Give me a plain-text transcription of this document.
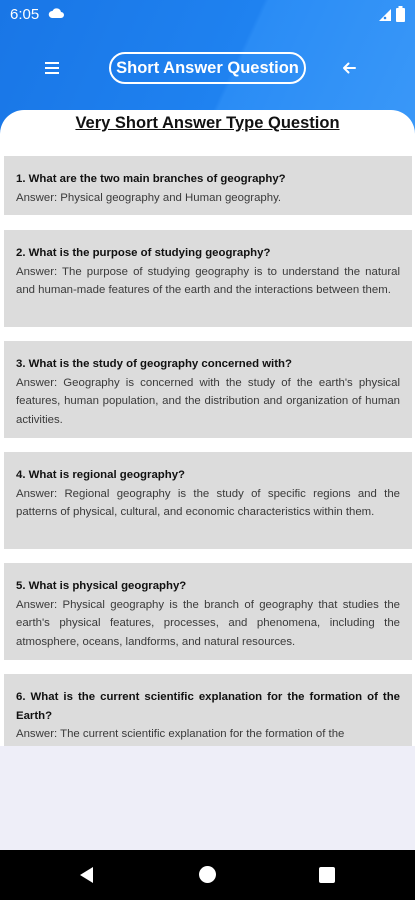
6:05
Short Answer Question
Very Short Answer Type Question
1. What are the two main branches of geography?
Answer: Physical geography and Human geography.
2. What is the purpose of studying geography?
Answer: The purpose of studying geography is to understand the natural and human-made features of the earth and the interactions between them.
3. What is the study of geography concerned with?
Answer: Geography is concerned with the study of the earth's physical features, human population, and the distribution and organization of human activities.
4. What is regional geography?
Answer: Regional geography is the study of specific regions and the patterns of physical, cultural, and economic characteristics within them.
5. What is physical geography?
Answer: Physical geography is the branch of geography that studies the earth's physical features, processes, and phenomena, including the atmosphere, oceans, landforms, and natural resources.
6. What is the current scientific explanation for the formation of the Earth?
Answer: The current scientific explanation for the formation of the
